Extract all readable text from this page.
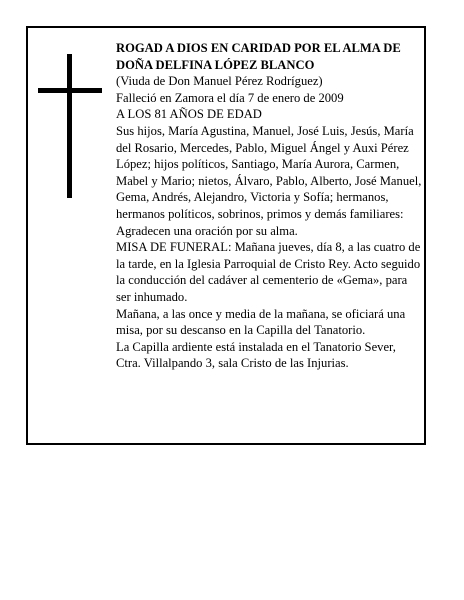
ROGAD A DIOS EN CARIDAD POR EL ALMA DE DOÑA DELFINA LÓPEZ BLANCO

(Viuda de Don Manuel Pérez Rodríguez)

Falleció en Zamora el día 7 de enero de 2009

A LOS 81 AÑOS DE EDAD

Sus hijos, María Agustina, Manuel, José Luis, Jesús, María del Rosario, Mercedes, Pablo, Miguel Ángel y Auxi Pérez López; hijos políticos, Santiago, María Aurora, Carmen, Mabel y Mario; nietos, Álvaro, Pablo, Alberto, José Manuel, Gema, Andrés, Alejandro, Victoria y Sofía; hermanos, hermanos políticos, sobrinos, primos y demás familiares:

Agradecen una oración por su alma.

MISA DE FUNERAL: Mañana jueves, día 8, a las cuatro de la tarde, en la Iglesia Parroquial de Cristo Rey. Acto seguido la conducción del cadáver al cementerio de «Gema», para ser inhumado.

Mañana, a las once y media de la mañana, se oficiará una misa, por su descanso en la Capilla del Tanatorio.

La Capilla ardiente está instalada en el Tanatorio Sever, Ctra. Villalpando 3, sala Cristo de las Injurias.
